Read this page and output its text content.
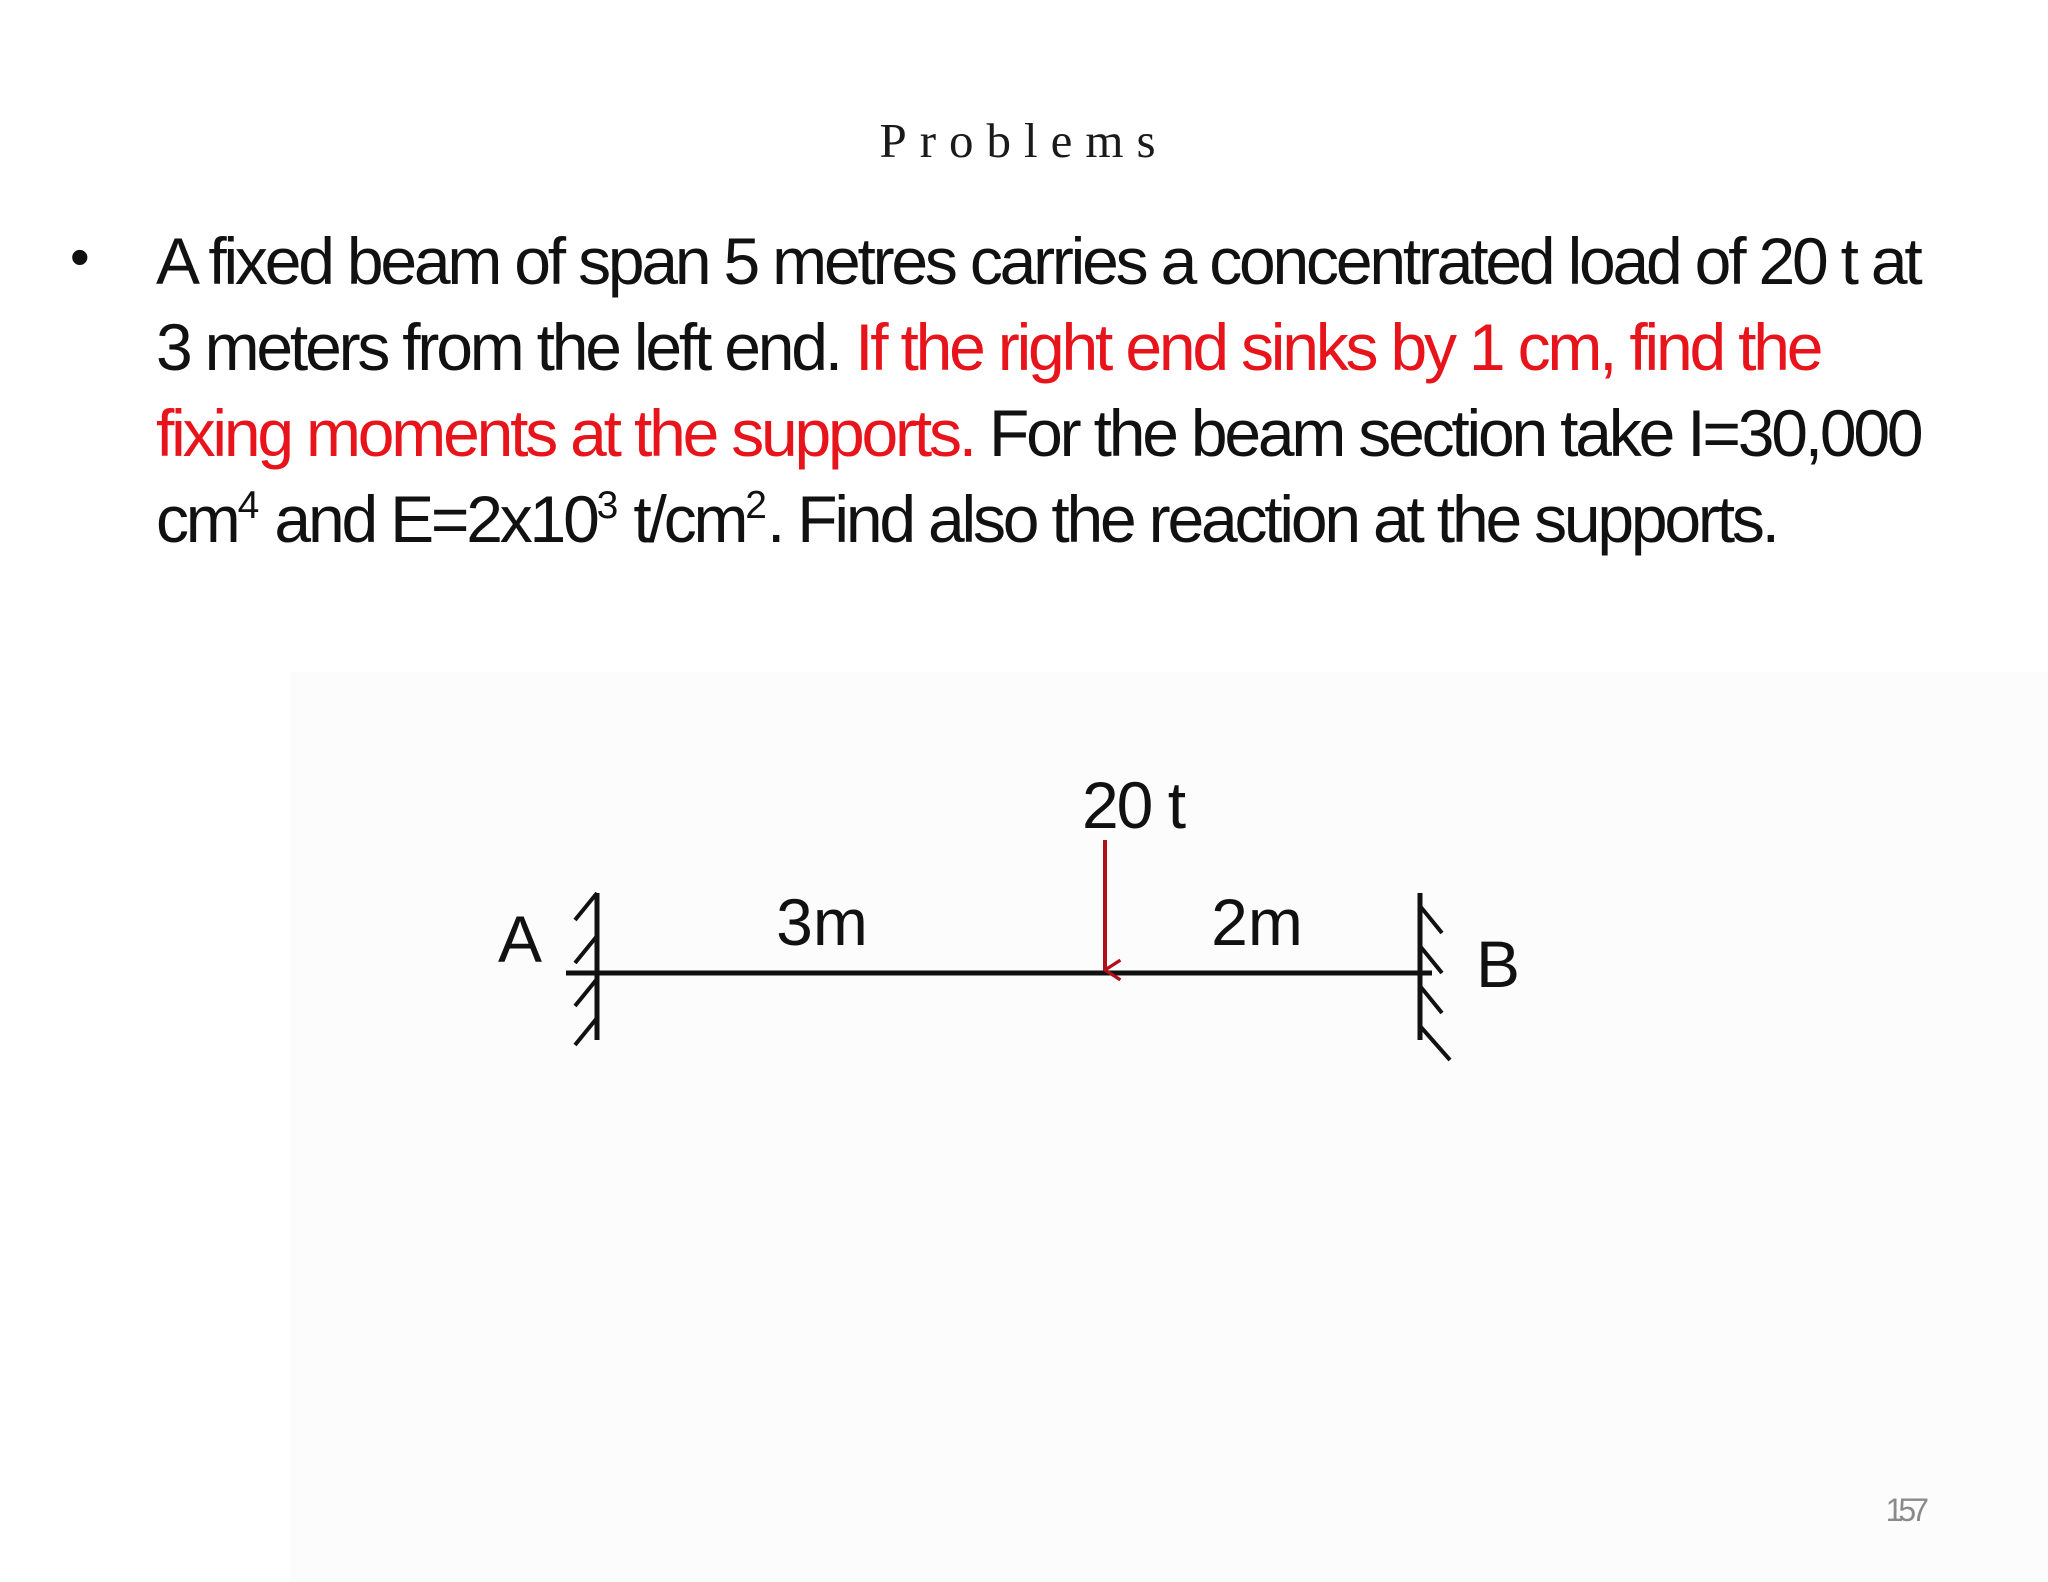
Problems
• A fixed beam of span 5 metres carries a concentrated load of 20 t at 3 meters from the left end. If the right end sinks by 1 cm, find the fixing moments at the supports. For the beam section take I=30,000 $cm^4$ and $E=2x10^3$ $t/cm^2$. Find also the reaction at the supports.
20 t
3m	2m
A	B
157
